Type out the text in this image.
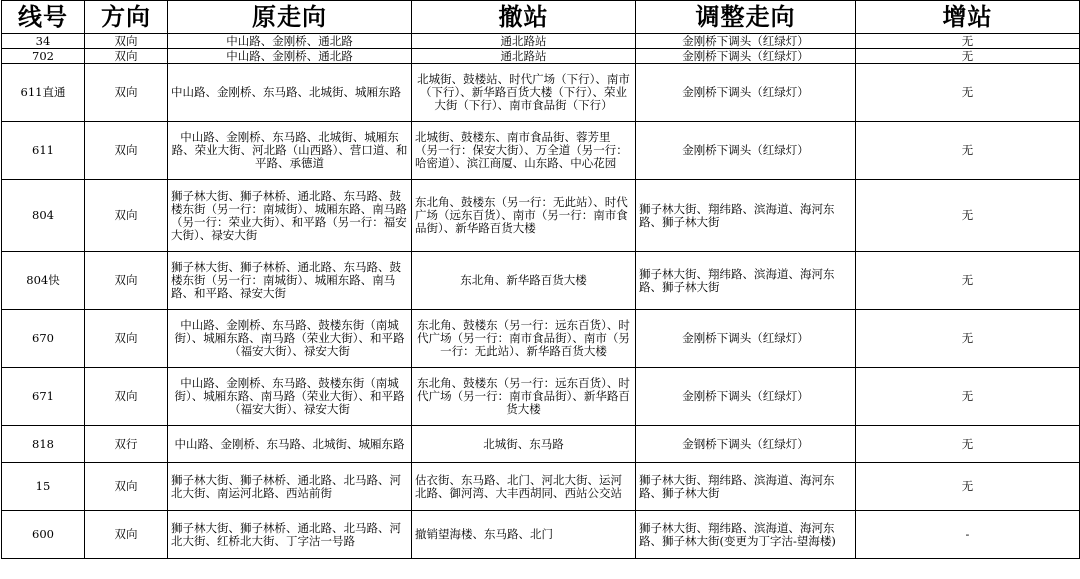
线号	方向	原走向	撤站	调整走向	增站
34	双向	中山路、金刚桥、通北路	通北路站	金刚桥下调头（红绿灯）	无
702	双向	中山路、金刚桥、通北路	通北路站	金刚桥下调头（红绿灯）	无
611直通	双向	中山路、金刚桥、东马路、北城街、城厢东路	北城街、鼓楼站、时代广场（下行）、南市（下行）、新华路百货大楼（下行）、荣业大街（下行）、南市食品街（下行）	金刚桥下调头（红绿灯）	无
611	双向	中山路、金刚桥、东马路、北城街、城厢东路、荣业大街、河北路（山西路）、营口道、和平路、承德道	北城街、鼓楼东、南市食品街、蓉芳里（另一行：保安大街）、万全道（另一行：哈密道）、滨江商厦、山东路、中心花园	金刚桥下调头（红绿灯）	无
804	双向	狮子林大街、狮子林桥、通北路、东马路、鼓楼东街（另一行：南城街）、城厢东路、南马路（另一行：荣业大街）、和平路（另一行：福安大街）、禄安大街	东北角、鼓楼东（另一行：无此站）、时代广场（远东百货）、南市（另一行：南市食品街）、新华路百货大楼	狮子林大街、翔纬路、滨海道、海河东路、狮子林大街	无
804快	双向	狮子林大街、狮子林桥、通北路、东马路、鼓楼东街（另一行：南城街）、城厢东路、南马路、和平路、禄安大街	东北角、新华路百货大楼	狮子林大街、翔纬路、滨海道、海河东路、狮子林大街	无
670	双向	中山路、金刚桥、东马路、鼓楼东街（南城街）、城厢东路、南马路（荣业大街）、和平路（福安大街）、禄安大街	东北角、鼓楼东（另一行：远东百货）、时代广场（另一行：南市食品街）、南市（另一行：无此站）、新华路百货大楼	金刚桥下调头（红绿灯）	无
671	双向	中山路、金刚桥、东马路、鼓楼东街（南城街）、城厢东路、南马路（荣业大街）、和平路（福安大街）、禄安大街	东北角、鼓楼东（另一行：远东百货）、时代广场（另一行：南市食品街）、新华路百货大楼	金刚桥下调头（红绿灯）	无
818	双行	中山路、金刚桥、东马路、北城街、城厢东路	北城街、东马路	金钢桥下调头（红绿灯）	无
15	双向	狮子林大街、狮子林桥、通北路、北马路、河北大街、南运河北路、西站前街	估衣街、东马路、北门、河北大街、运河北路、御河湾、大丰西胡同、西站公交站	狮子林大街、翔纬路、滨海道、海河东路、狮子林大街	无
600	双向	狮子林大街、狮子林桥、通北路、北马路、河北大街、红桥北大街、丁字沽一号路	撤销望海楼、东马路、北门	狮子林大街、翔纬路、滨海道、海河东路、狮子林大街(变更为丁字沽-望海楼)	-
